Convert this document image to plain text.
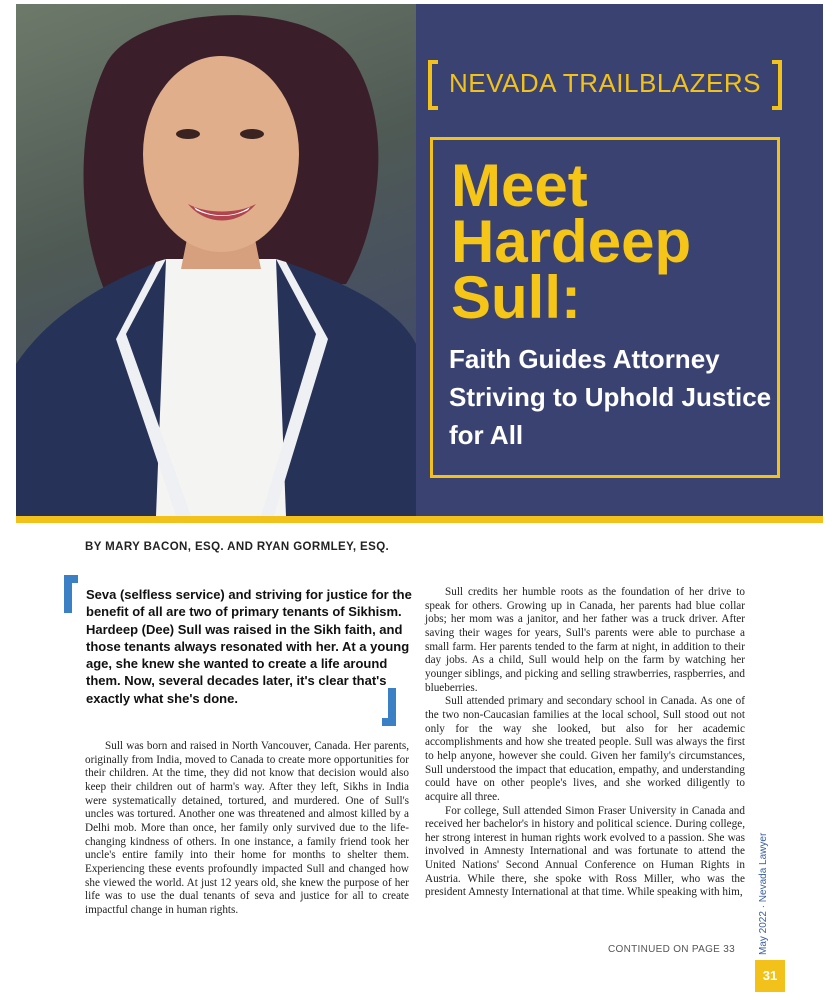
NEVADA TRAILBLAZERS
Meet Hardeep Sull:
Faith Guides Attorney Striving to Uphold Justice for All
BY MARY BACON, ESQ. AND RYAN GORMLEY, ESQ.
Seva (selfless service) and striving for justice for the benefit of all are two of primary tenants of Sikhism. Hardeep (Dee) Sull was raised in the Sikh faith, and those tenants always resonated with her. At a young age, she knew she wanted to create a life around them. Now, several decades later, it's clear that's exactly what she's done.

Sull was born and raised in North Vancouver, Canada. Her parents, originally from India, moved to Canada to create more opportunities for their children. At the time, they did not know that decision would also keep their children out of harm's way. After they left, Sikhs in India were systematically detained, tortured, and murdered. One of Sull's uncles was tortured. Another one was threatened and almost killed by a Delhi mob. More than once, her family only survived due to the life-changing kindness of others. In one instance, a family friend took her uncle's entire family into their home for months to shelter them. Experiencing these events profoundly impacted Sull and changed how she viewed the world. At just 12 years old, she knew the purpose of her life was to use the dual tenants of seva and justice for all to create impactful change in human rights.

Sull credits her humble roots as the foundation of her drive to speak for others. Growing up in Canada, her parents had blue collar jobs; her mom was a janitor, and her father was a truck driver. After saving their wages for years, Sull's parents were able to purchase a small farm. Her parents tended to the farm at night, in addition to their day jobs. As a child, Sull would help on the farm by watching her younger siblings, and picking and selling strawberries, raspberries, and blueberries.

Sull attended primary and secondary school in Canada. As one of the two non-Caucasian families at the local school, Sull stood out not only for the way she looked, but also for her academic accomplishments and how she treated people. Sull was always the first to help anyone, however she could. Given her family's circumstances, Sull understood the impact that education, empathy, and understanding could have on other people's lives, and she worked diligently to acquire all three.

For college, Sull attended Simon Fraser University in Canada and received her bachelor's in history and political science. During college, her strong interest in human rights work evolved to a passion. She was involved in Amnesty International and was fortunate to attend the United Nations' Second Annual Conference on Human Rights in Austria. While there, she spoke with Ross Miller, who was the president Amnesty International at that time. While speaking with him,

CONTINUED ON PAGE 33 May 2022 · Nevada Lawyer
31
